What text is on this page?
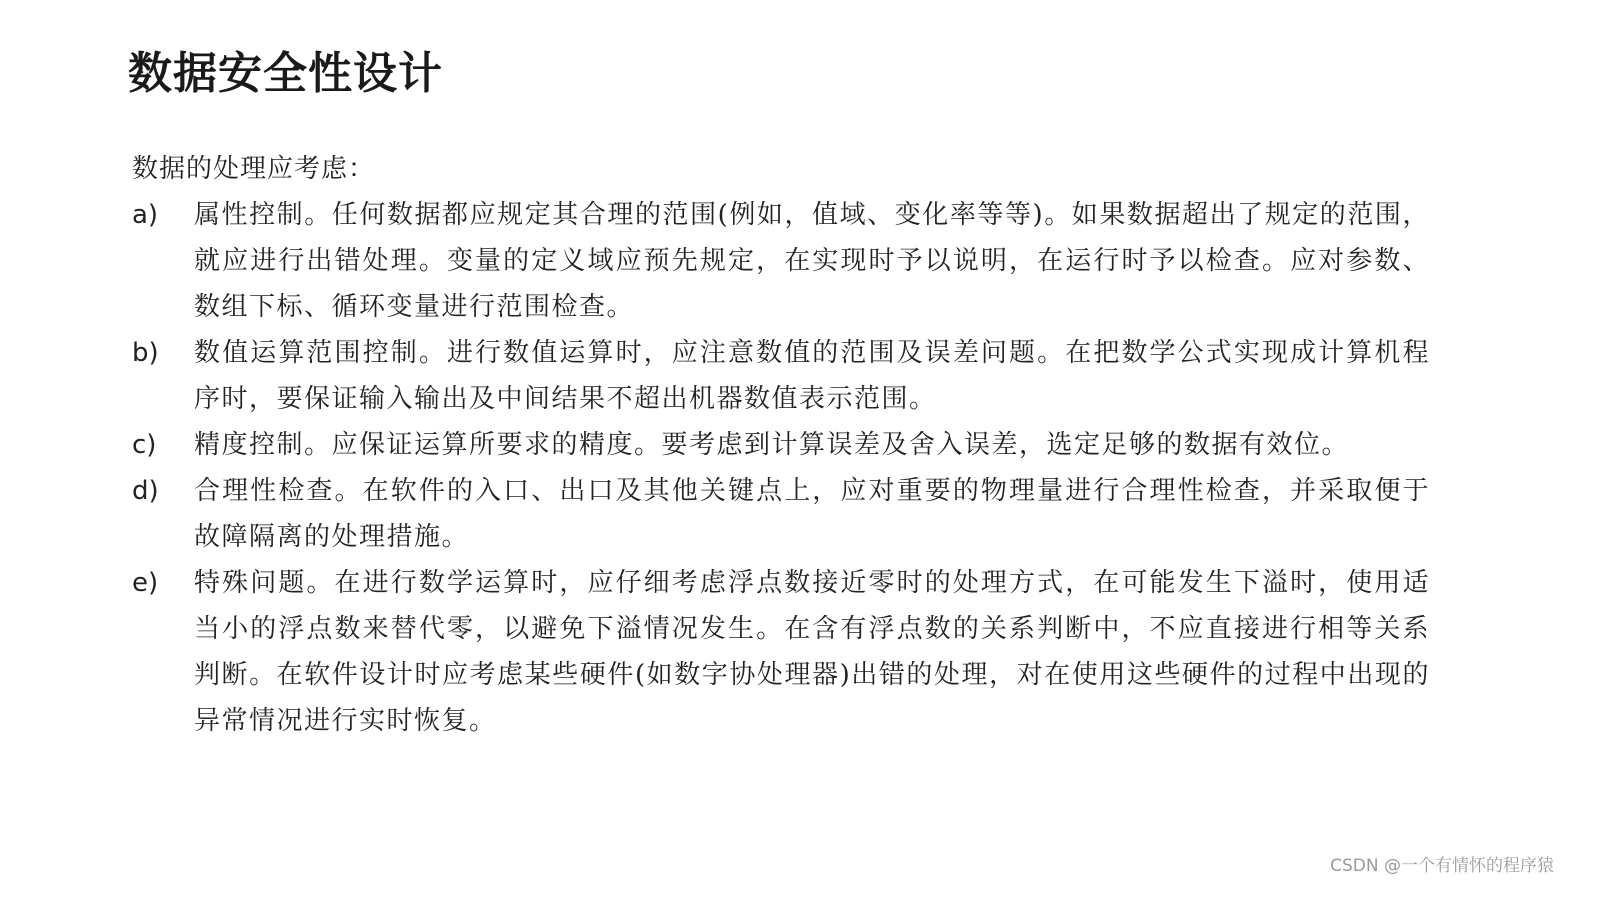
数据安全性设计

数据的处理应考虑：

a) 属性控制。任何数据都应规定其合理的范围(例如，值域、变化率等等)。如果数据超出了规定的范围，就应进行出错处理。变量的定义域应预先规定，在实现时予以说明，在运行时予以检查。应对参数、数组下标、循环变量进行范围检查。

b) 数值运算范围控制。进行数值运算时，应注意数值的范围及误差问题。在把数学公式实现成计算机程序时，要保证输入输出及中间结果不超出机器数值表示范围。

c) 精度控制。应保证运算所要求的精度。要考虑到计算误差及舍入误差，选定足够的数据有效位。

d) 合理性检查。在软件的入口、出口及其他关键点上，应对重要的物理量进行合理性检查，并采取便于故障隔离的处理措施。

e) 特殊问题。在进行数学运算时，应仔细考虑浮点数接近零时的处理方式，在可能发生下溢时，使用适当小的浮点数来替代零，以避免下溢情况发生。在含有浮点数的关系判断中，不应直接进行相等关系判断。在软件设计时应考虑某些硬件(如数字协处理器)出错的处理，对在使用这些硬件的过程中出现的异常情况进行实时恢复。

CSDN @一个有情怀的程序猿
